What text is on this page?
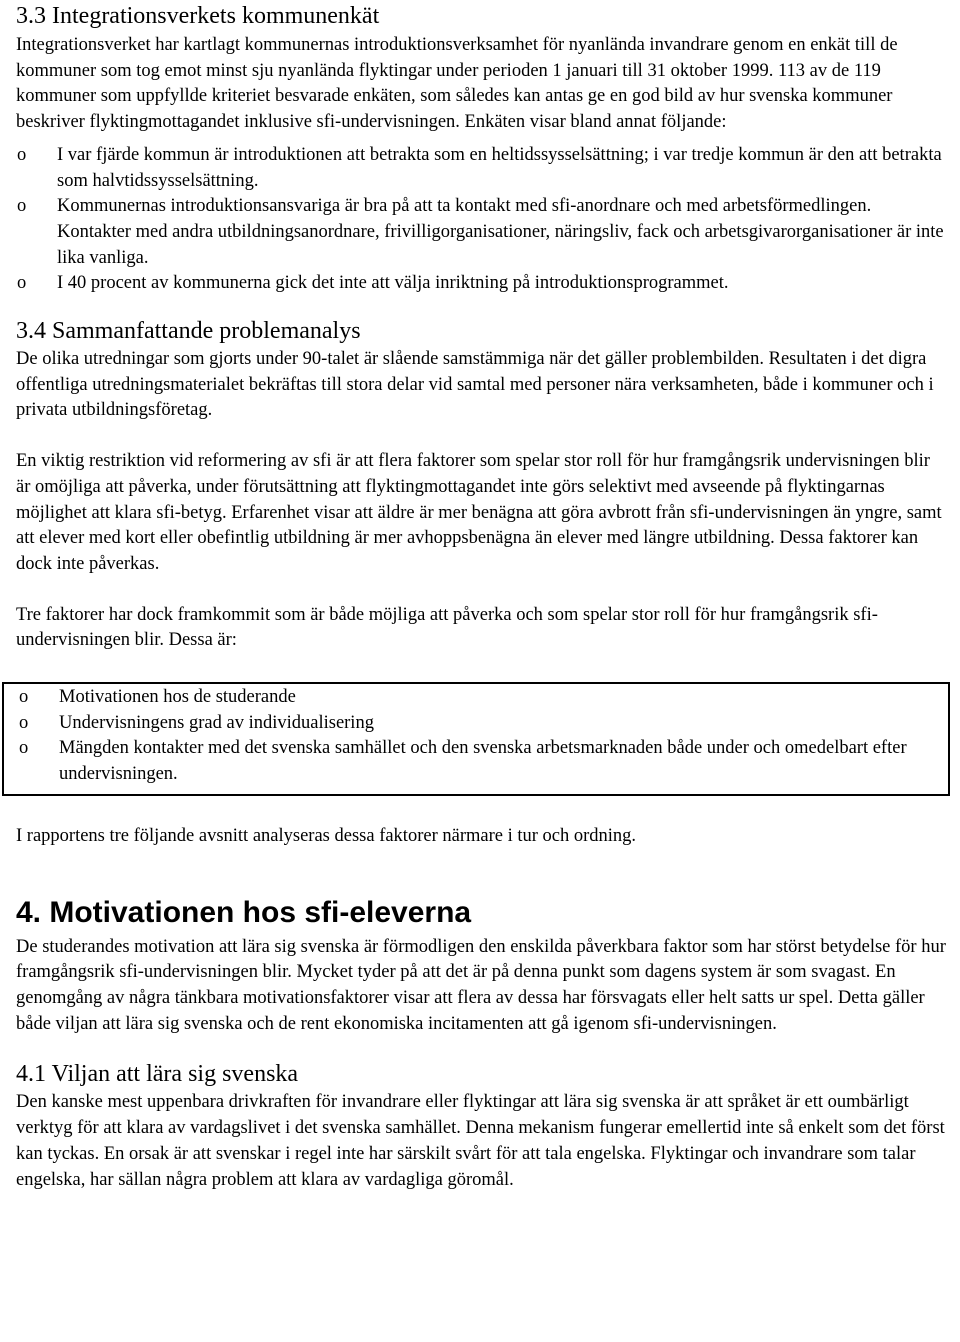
3.3 Integrationsverkets kommunenkät

Integrationsverket har kartlagt kommunernas introduktionsverksamhet för nyanlända invandrare genom en enkät till de kommuner som tog emot minst sju nyanlända flyktingar under perioden 1 januari till 31 oktober 1999. 113 av de 119 kommuner som uppfyllde kriteriet besvarade enkäten, som således kan antas ge en god bild av hur svenska kommuner beskriver flyktingmottagandet inklusive sfi-undervisningen. Enkäten visar bland annat följande:

o I var fjärde kommun är introduktionen att betrakta som en heltidssysselsättning; i var tredje kommun är den att betrakta som halvtidssysselsättning.
o Kommunernas introduktionsansvariga är bra på att ta kontakt med sfi-anordnare och med arbetsförmedlingen. Kontakter med andra utbildningsanordnare, frivilligorganisationer, näringsliv, fack och arbetsgivarorganisationer är inte lika vanliga.
o I 40 procent av kommunerna gick det inte att välja inriktning på introduktionsprogrammet.
3.4 Sammanfattande problemanalys

De olika utredningar som gjorts under 90-talet är slående samstämmiga när det gäller problembilden. Resultaten i det digra offentliga utredningsmaterialet bekräftas till stora delar vid samtal med personer nära verksamheten, både i kommuner och i privata utbildningsföretag.

En viktig restriktion vid reformering av sfi är att flera faktorer som spelar stor roll för hur framgångsrik undervisningen blir är omöjliga att påverka, under förutsättning att flyktingmottagandet inte görs selektivt med avseende på flyktingarnas möjlighet att klara sfi-betyg. Erfarenhet visar att äldre är mer benägna att göra avbrott från sfi-undervisningen än yngre, samt att elever med kort eller obefintlig utbildning är mer avhoppsbenägna än elever med längre utbildning. Dessa faktorer kan dock inte påverkas.

Tre faktorer har dock framkommit som är både möjliga att påverka och som spelar stor roll för hur framgångsrik sfi-undervisningen blir. Dessa är:

o Motivationen hos de studerande
o Undervisningens grad av individualisering
o Mängden kontakter med det svenska samhället och den svenska arbetsmarknaden både under och omedelbart efter undervisningen.

I rapportens tre följande avsnitt analyseras dessa faktorer närmare i tur och ordning.

4. Motivationen hos sfi-eleverna

De studerandes motivation att lära sig svenska är förmodligen den enskilda påverkbara faktor som har störst betydelse för hur framgångsrik sfi-undervisningen blir. Mycket tyder på att det är på denna punkt som dagens system är som svagast. En genomgång av några tänkbara motivationsfaktorer visar att flera av dessa har försvagats eller helt satts ur spel. Detta gäller både viljan att lära sig svenska och de rent ekonomiska incitamenten att gå igenom sfi-undervisningen.

4.1 Viljan att lära sig svenska

Den kanske mest uppenbara drivkraften för invandrare eller flyktingar att lära sig svenska är att språket är ett oumbärligt verktyg för att klara av vardagslivet i det svenska samhället. Denna mekanism fungerar emellertid inte så enkelt som det först kan tyckas. En orsak är att svenskar i regel inte har särskilt svårt för att tala engelska. Flyktingar och invandrare som talar engelska, har sällan några problem att klara av vardagliga göromål.
